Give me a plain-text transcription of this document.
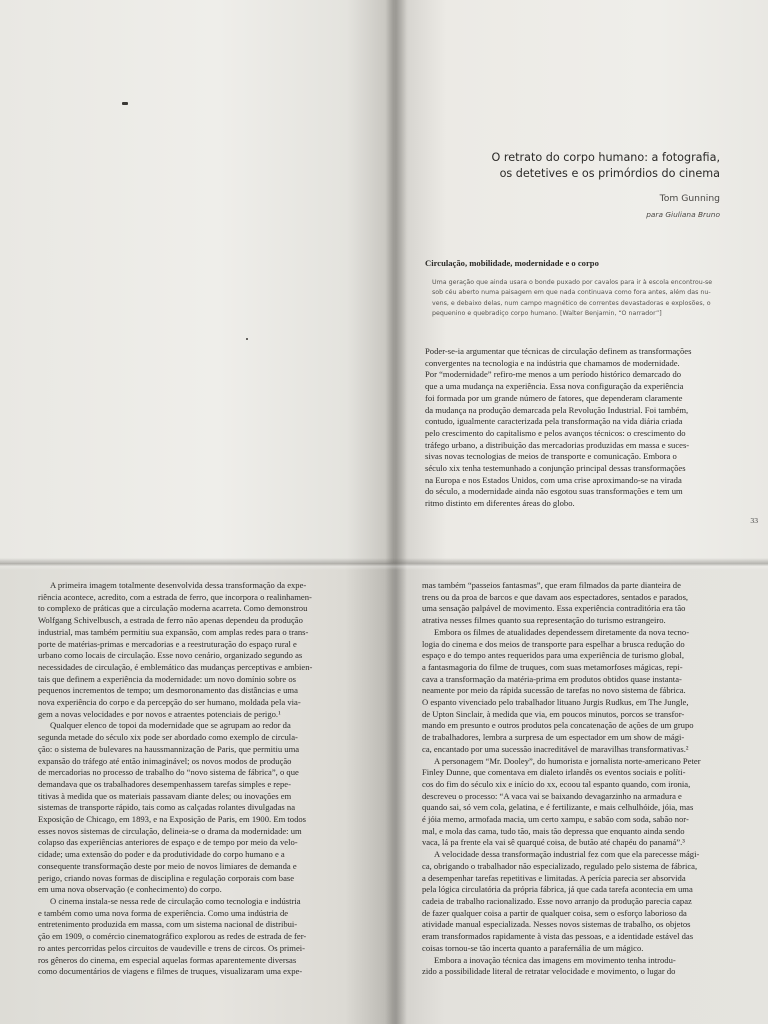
O retrato do corpo humano: a fotografia,
os detetives e os primórdios do cinema
Tom Gunning
para Giuliana Bruno
Circulação, mobilidade, modernidade e o corpo
Uma geração que ainda usara o bonde puxado por cavalos para ir à escola encontrou-se
sob céu aberto numa paisagem em que nada continuava como fora antes, além das nu-
vens, e debaixo delas, num campo magnético de correntes devastadoras e explosões, o
pequenino e quebradiço corpo humano. [Walter Benjamin, “O narrador”]
Poder-se-ia argumentar que técnicas de circulação definem as transformações
convergentes na tecnologia e na indústria que chamamos de modernidade.
Por “modernidade” refiro-me menos a um período histórico demarcado do
que a uma mudança na experiência. Essa nova configuração da experiência
foi formada por um grande número de fatores, que dependeram claramente
da mudança na produção demarcada pela Revolução Industrial. Foi também,
contudo, igualmente caracterizada pela transformação na vida diária criada
pelo crescimento do capitalismo e pelos avanços técnicos: o crescimento do
tráfego urbano, a distribuição das mercadorias produzidas em massa e suces-
sivas novas tecnologias de meios de transporte e comunicação. Embora o
século xix tenha testemunhado a conjunção principal dessas transformações
na Europa e nos Estados Unidos, com uma crise aproximando-se na virada
do século, a modernidade ainda não esgotou suas transformações e tem um
ritmo distinto em diferentes áreas do globo.
33
A primeira imagem totalmente desenvolvida dessa transformação da expe-
riência acontece, acredito, com a estrada de ferro, que incorpora o realinhamen-
to complexo de práticas que a circulação moderna acarreta. Como demonstrou
Wolfgang Schivelbusch, a estrada de ferro não apenas dependeu da produção
industrial, mas também permitiu sua expansão, com amplas redes para o trans-
porte de matérias-primas e mercadorias e a reestruturação do espaço rural e
urbano como locais de circulação. Esse novo cenário, organizado segundo as
necessidades de circulação, é emblemático das mudanças perceptivas e ambien-
tais que definem a experiência da modernidade: um novo domínio sobre os
pequenos incrementos de tempo; um desmoronamento das distâncias e uma
nova experiência do corpo e da percepção do ser humano, moldada pela via-
gem a novas velocidades e por novos e atraentes potenciais de perigo.¹
Qualquer elenco de topoi da modernidade que se agrupam ao redor da
segunda metade do século xix pode ser abordado como exemplo de circula-
ção: o sistema de bulevares na haussmannização de Paris, que permitiu uma
expansão do tráfego até então inimaginável; os novos modos de produção
de mercadorias no processo de trabalho do “novo sistema de fábrica”, o que
demandava que os trabalhadores desempenhassem tarefas simples e repe-
titivas à medida que os materiais passavam diante deles; ou inovações em
sistemas de transporte rápido, tais como as calçadas rolantes divulgadas na
Exposição de Chicago, em 1893, e na Exposição de Paris, em 1900. Em todos
esses novos sistemas de circulação, delineia-se o drama da modernidade: um
colapso das experiências anteriores de espaço e de tempo por meio da velo-
cidade; uma extensão do poder e da produtividade do corpo humano e a
consequente transformação deste por meio de novos limiares de demanda e
perigo, criando novas formas de disciplina e regulação corporais com base
em uma nova observação (e conhecimento) do corpo.
O cinema instala-se nessa rede de circulação como tecnologia e indústria
e também como uma nova forma de experiência. Como uma indústria de
entretenimento produzida em massa, com um sistema nacional de distribui-
ção em 1909, o comércio cinematográfico explorou as redes de estrada de fer-
ro antes percorridas pelos circuitos de vaudeville e trens de circos. Os primei-
ros gêneros do cinema, em especial aquelas formas aparentemente diversas
como documentários de viagens e filmes de truques, visualizaram uma expe-
mas também “passeios fantasmas”, que eram filmados da parte dianteira de
trens ou da proa de barcos e que davam aos espectadores, sentados e parados,
uma sensação palpável de movimento. Essa experiência contraditória era tão
atrativa nesses filmes quanto sua representação do turismo estrangeiro.
Embora os filmes de atualidades dependessem diretamente da nova tecno-
logia do cinema e dos meios de transporte para espelhar a brusca redução do
espaço e do tempo antes requeridos para uma experiência de turismo global,
a fantasmagoria do filme de truques, com suas metamorfoses mágicas, repi-
cava a transformação da matéria-prima em produtos obtidos quase instanta-
neamente por meio da rápida sucessão de tarefas no novo sistema de fábrica.
O espanto vivenciado pelo trabalhador lituano Jurgis Rudkus, em The Jungle,
de Upton Sinclair, à medida que via, em poucos minutos, porcos se transfor-
mando em presunto e outros produtos pela concatenação de ações de um grupo
de trabalhadores, lembra a surpresa de um espectador em um show de mági-
ca, encantado por uma sucessão inacreditável de maravilhas transformativas.²
A personagem “Mr. Dooley”, do humorista e jornalista norte-americano Peter
Finley Dunne, que comentava em dialeto irlandês os eventos sociais e políti-
cos do fim do século xix e início do xx, ecoou tal espanto quando, com ironia,
descreveu o processo: “A vaca vai se baixando devagarzinho na armadura e
quando sai, só vem cola, gelatina, e é fertilizante, e mais celhulhóide, jóia, mas
é jóia memo, armofada macia, um certo xampu, e sabão com soda, sabão nor-
mal, e mola das cama, tudo tão, mais tão depressa que enquanto ainda sendo
vaca, lá pa frente ela vai sê quarqué coisa, de butão até chapéu do panamá”.³
A velocidade dessa transformação industrial fez com que ela parecesse mági-
ca, obrigando o trabalhador não especializado, regulado pelo sistema de fábrica,
a desempenhar tarefas repetitivas e limitadas. A perícia parecia ser absorvida
pela lógica circulatória da própria fábrica, já que cada tarefa acontecia em uma
cadeia de trabalho racionalizado. Esse novo arranjo da produção parecia capaz
de fazer qualquer coisa a partir de qualquer coisa, sem o esforço laborioso da
atividade manual especializada. Nesses novos sistemas de trabalho, os objetos
eram transformados rapidamente à vista das pessoas, e a identidade estável das
coisas tornou-se tão incerta quanto a parafernália de um mágico.
Embora a inovação técnica das imagens em movimento tenha introdu-
zido a possibilidade literal de retratar velocidade e movimento, o lugar do
